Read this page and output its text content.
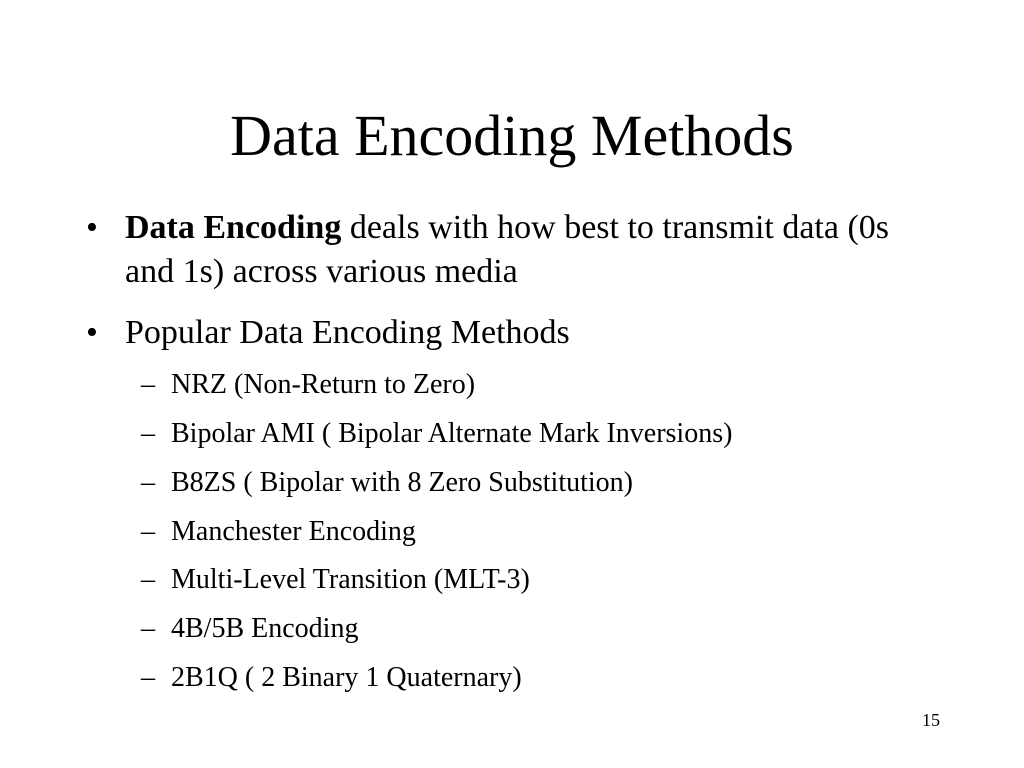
Data Encoding Methods
• Data Encoding deals with how best to transmit data (0s and 1s) across various media
• Popular Data Encoding Methods
– NRZ (Non-Return to Zero)
– Bipolar AMI ( Bipolar Alternate Mark Inversions)
– B8ZS ( Bipolar with 8 Zero Substitution)
– Manchester Encoding
– Multi-Level Transition (MLT-3)
– 4B/5B Encoding
– 2B1Q ( 2 Binary 1 Quaternary)
15
